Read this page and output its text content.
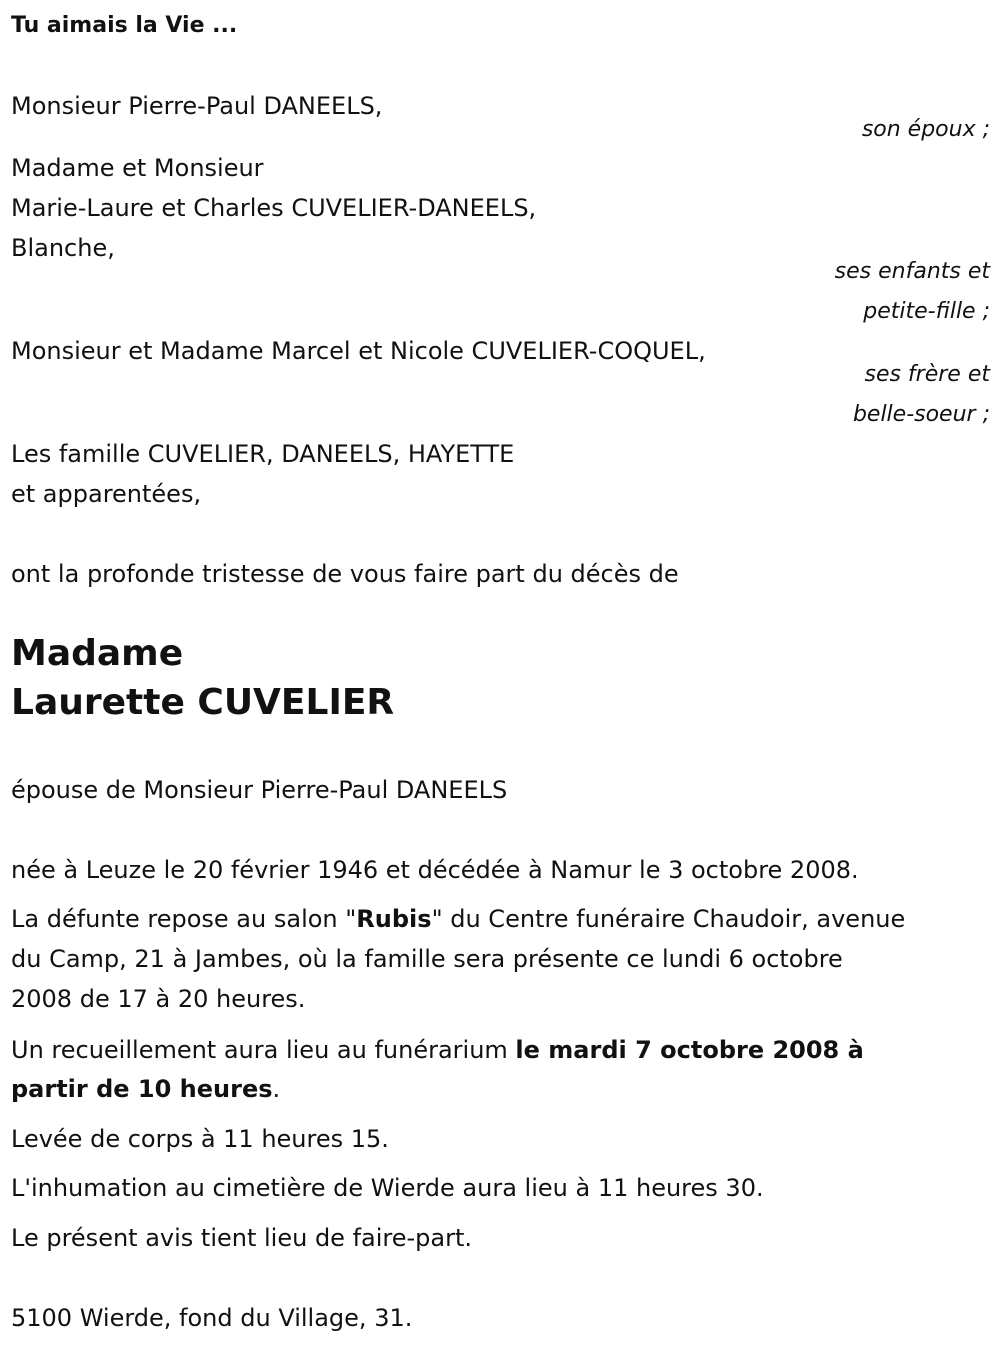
Tu aimais la Vie ...

Monsieur Pierre-Paul DANEELS,

son époux ;

Madame et Monsieur

Marie-Laure et Charles CUVELIER-DANEELS,

Blanche,

ses enfants et

petite-fille ;

Monsieur et Madame Marcel et Nicole CUVELIER-COQUEL,

ses frère et

belle-soeur ;

Les famille CUVELIER, DANEELS, HAYETTE

et apparentées,

ont la profonde tristesse de vous faire part du décès de

Madame

Laurette CUVELIER

épouse de Monsieur Pierre-Paul DANEELS

née à Leuze le 20 février 1946 et décédée à Namur le 3 octobre 2008.

La défunte repose au salon "Rubis" du Centre funéraire Chaudoir, avenue

du Camp, 21 à Jambes, où la famille sera présente ce lundi 6 octobre

2008 de 17 à 20 heures.

Un recueillement aura lieu au funérarium le mardi 7 octobre 2008 à

partir de 10 heures.

Levée de corps à 11 heures 15.

L'inhumation au cimetière de Wierde aura lieu à 11 heures 30.

Le présent avis tient lieu de faire-part.

5100 Wierde, fond du Village, 31.
